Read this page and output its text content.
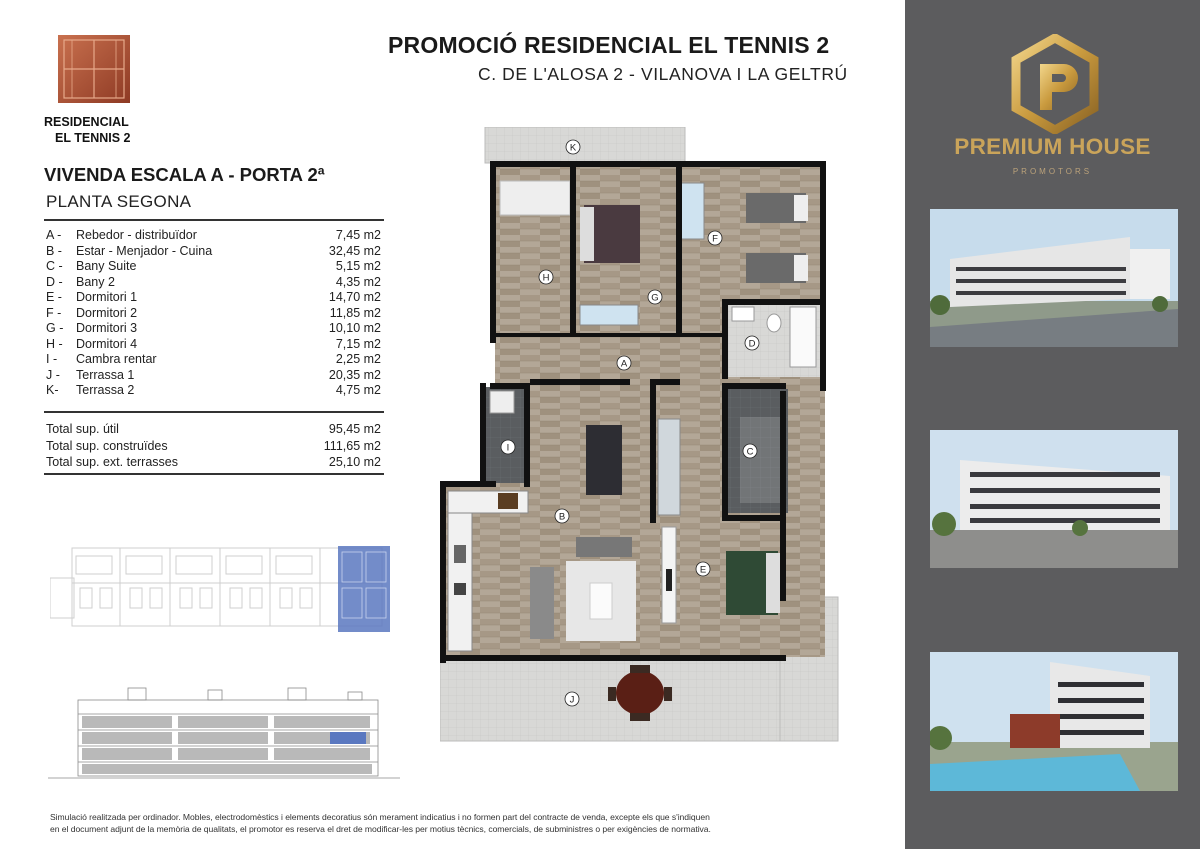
RESIDENCIAL
EL TENNIS 2
PROMOCIÓ RESIDENCIAL EL TENNIS 2
C. DE L'ALOSA 2 - VILANOVA I LA GELTRÚ
VIVENDA ESCALA A - PORTA 2ª
PLANTA SEGONA
A -	Rebedor - distribuïdor	7,45 m2
B -	Estar - Menjador - Cuina	32,45 m2
C -	Bany Suite	5,15 m2
D -	Bany 2	4,35 m2
E -	Dormitori 1	14,70 m2
F -	Dormitori 2	11,85 m2
G -	Dormitori 3	10,10 m2
H -	Dormitori 4	7,15 m2
I -	Cambra rentar	2,25 m2
J -	Terrassa 1	20,35 m2
K-	Terrassa 2	4,75 m2
Total sup. útil	95,45 m2
Total sup. construïdes	111,65 m2
Total sup. ext. terrasses	25,10 m2
K
H
G
F
D
A
I	C
B
E
J
Simulació realitzada per ordinador. Mobles, electrodomèstics i elements decoratius són merament indicatius i no formen part del contracte de venda, excepte els que s'indiquen
en el document adjunt de la memòria de qualitats, el promotor es reserva el dret de modificar-les per motius tècnics, comercials, de subministres o per exigències de normativa.
PREMIUM HOUSE
PROMOTORS
